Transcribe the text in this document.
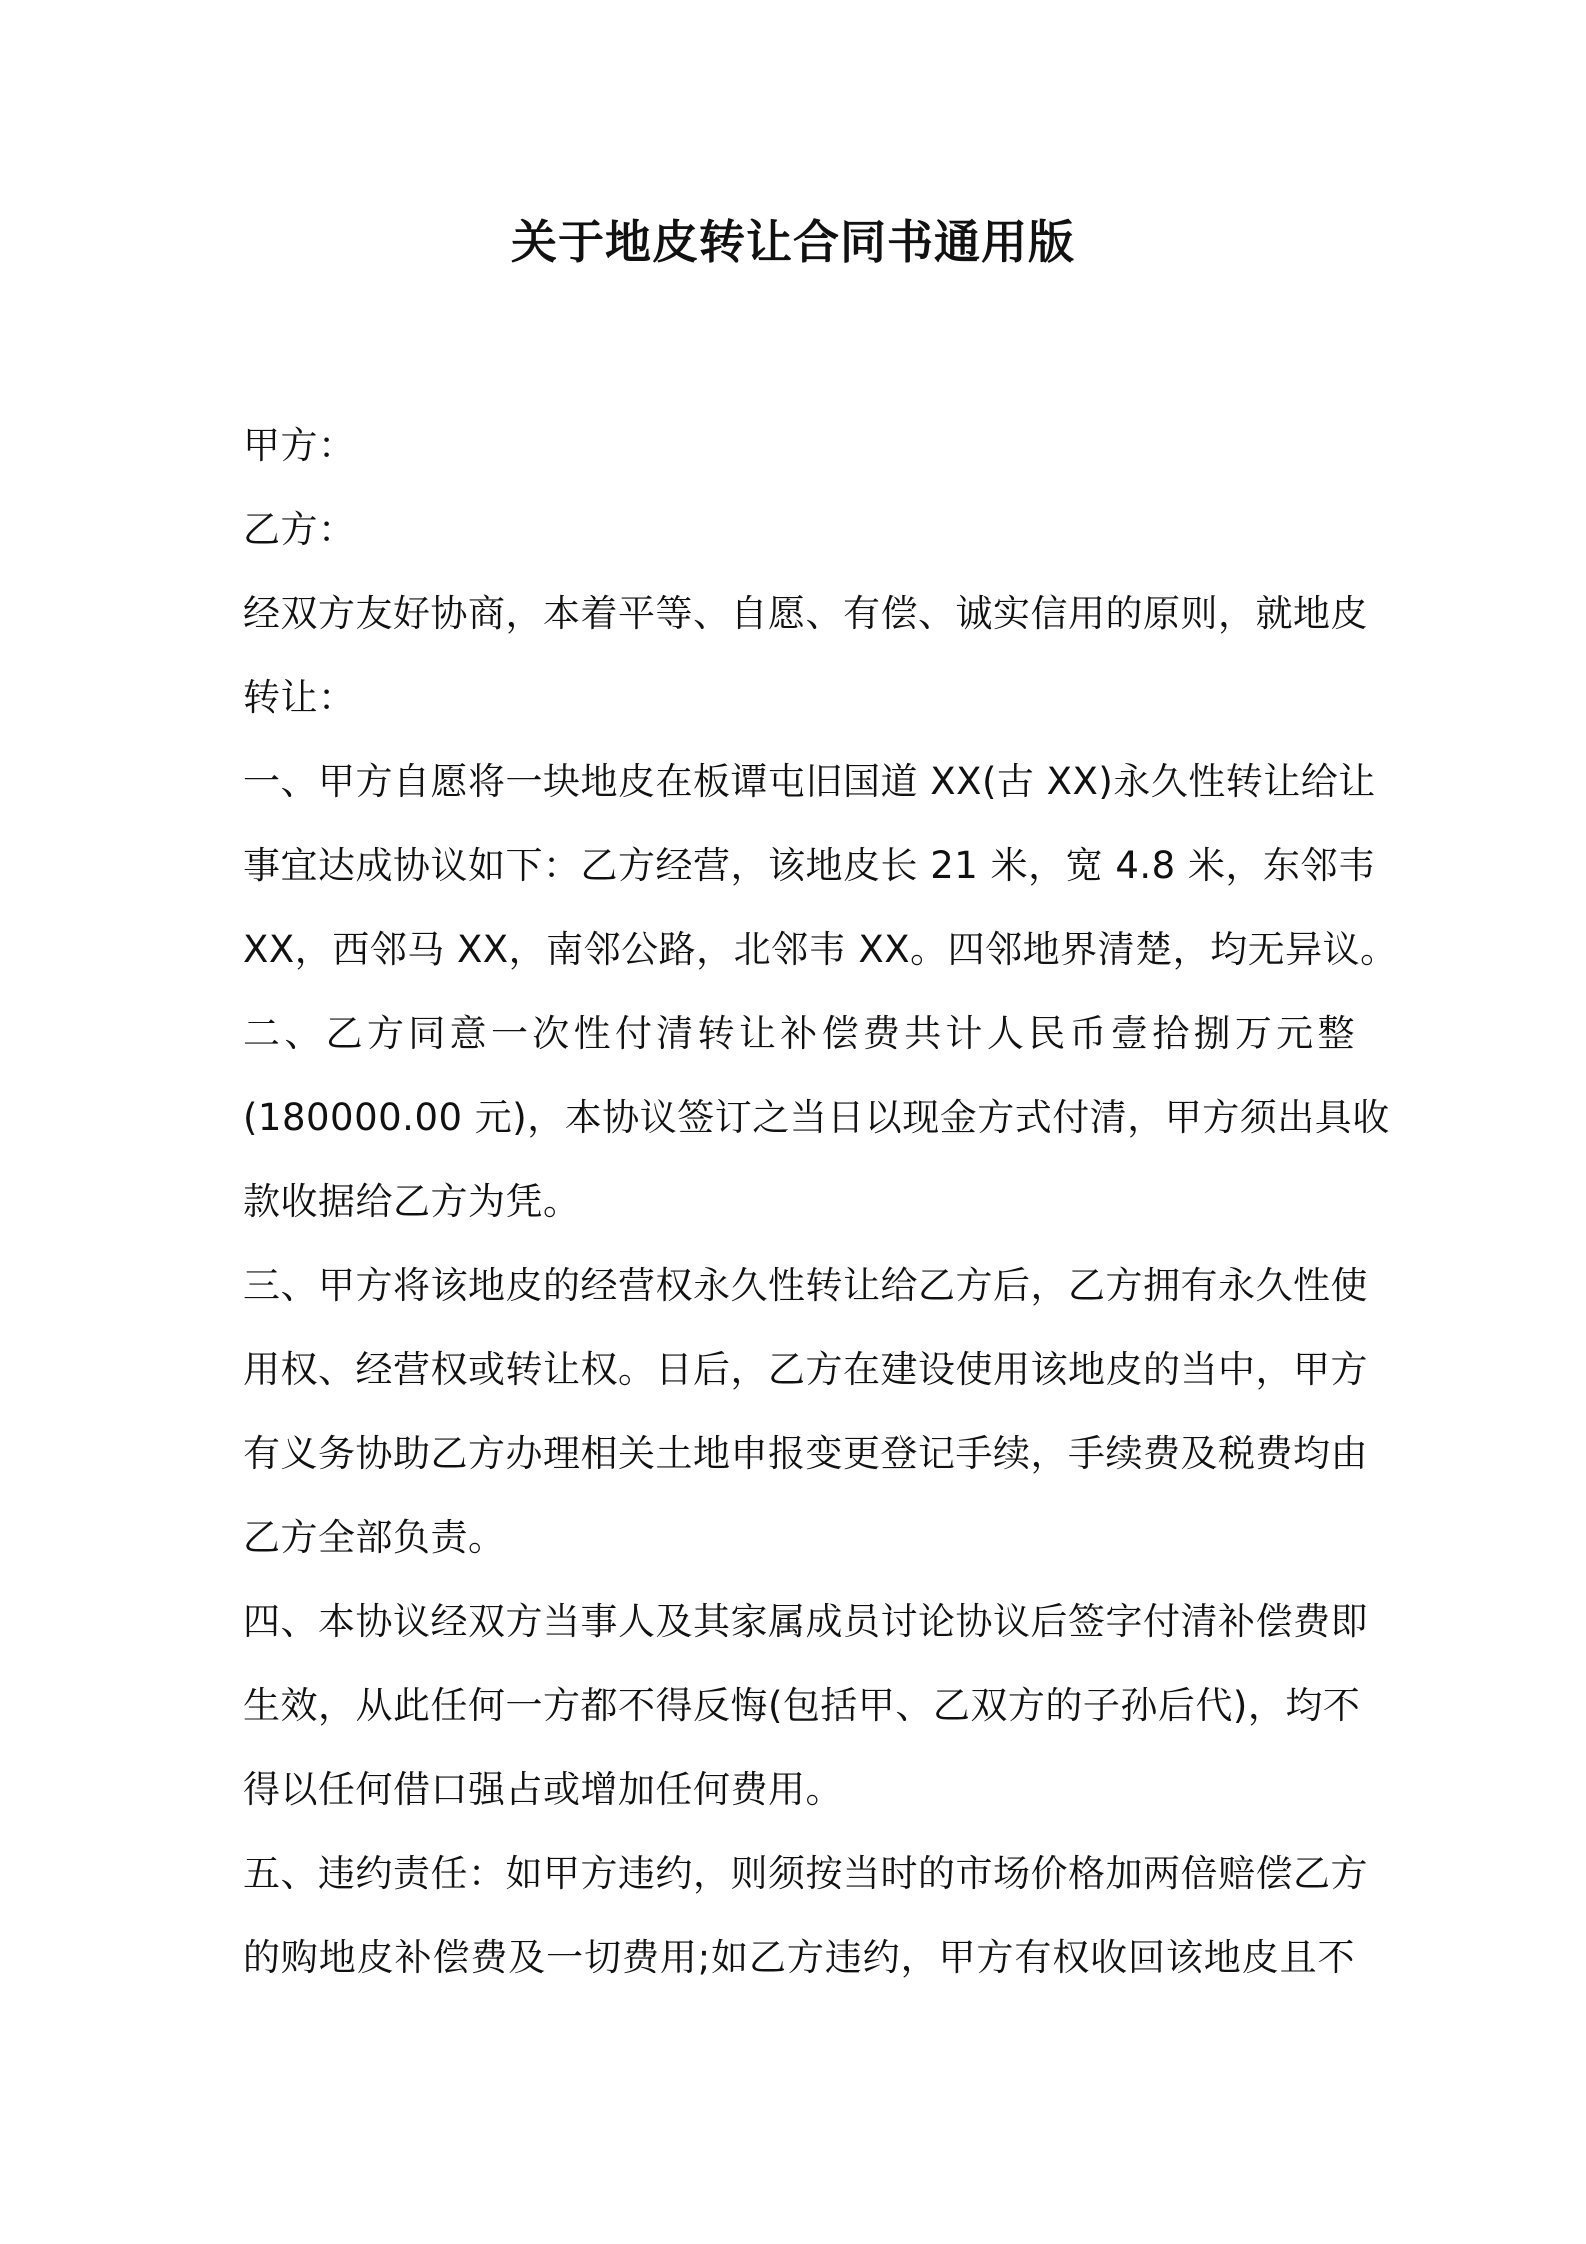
关于地皮转让合同书通用版
甲方：
乙方：
经双方友好协商，本着平等、自愿、有偿、诚实信用的原则，就地皮
转让：
一、甲方自愿将一块地皮在板谭屯旧国道 XX(古 XX)永久性转让给让
事宜达成协议如下：乙方经营，该地皮长 21 米，宽 4.8 米，东邻韦
XX，西邻马 XX，南邻公路，北邻韦 XX。四邻地界清楚，均无异议。
二、乙方同意一次性付清转让补偿费共计人民币壹拾捌万元整
(180000.00 元)，本协议签订之当日以现金方式付清，甲方须出具收
款收据给乙方为凭。
三、甲方将该地皮的经营权永久性转让给乙方后，乙方拥有永久性使
用权、经营权或转让权。日后，乙方在建设使用该地皮的当中，甲方
有义务协助乙方办理相关土地申报变更登记手续，手续费及税费均由
乙方全部负责。
四、本协议经双方当事人及其家属成员讨论协议后签字付清补偿费即
生效，从此任何一方都不得反悔(包括甲、乙双方的子孙后代)，均不
得以任何借口强占或增加任何费用。
五、违约责任：如甲方违约，则须按当时的市场价格加两倍赔偿乙方
的购地皮补偿费及一切费用;如乙方违约，甲方有权收回该地皮且不
